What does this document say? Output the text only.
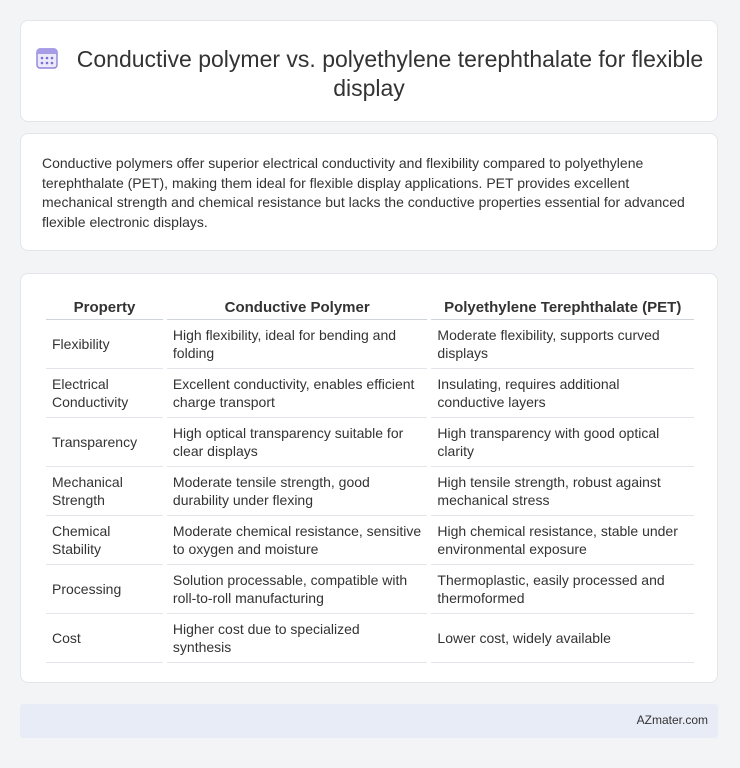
Conductive polymer vs. polyethylene terephthalate for flexible display
Conductive polymers offer superior electrical conductivity and flexibility compared to polyethylene terephthalate (PET), making them ideal for flexible display applications. PET provides excellent mechanical strength and chemical resistance but lacks the conductive properties essential for advanced flexible electronic displays.
Property	Conductive Polymer	Polyethylene Terephthalate (PET)
Flexibility	High flexibility, ideal for bending and folding	Moderate flexibility, supports curved displays
Electrical Conductivity	Excellent conductivity, enables efficient charge transport	Insulating, requires additional conductive layers
Transparency	High optical transparency suitable for clear displays	High transparency with good optical clarity
Mechanical Strength	Moderate tensile strength, good durability under flexing	High tensile strength, robust against mechanical stress
Chemical Stability	Moderate chemical resistance, sensitive to oxygen and moisture	High chemical resistance, stable under environmental exposure
Processing	Solution processable, compatible with roll-to-roll manufacturing	Thermoplastic, easily processed and thermoformed
Cost	Higher cost due to specialized synthesis	Lower cost, widely available
AZmater.com
